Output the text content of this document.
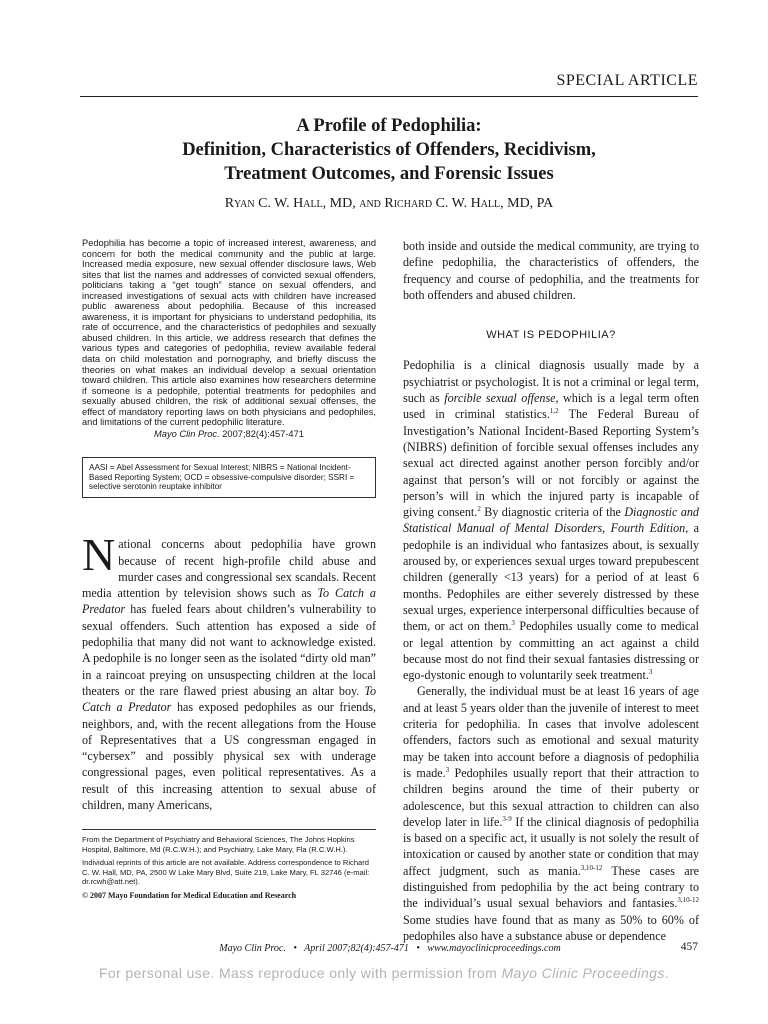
SPECIAL ARTICLE
A Profile of Pedophilia:
Definition, Characteristics of Offenders, Recidivism,
Treatment Outcomes, and Forensic Issues
Ryan C. W. Hall, MD, and Richard C. W. Hall, MD, PA
Pedophilia has become a topic of increased interest, awareness, and concern for both the medical community and the public at large. Increased media exposure, new sexual offender disclosure laws, Web sites that list the names and addresses of convicted sexual offenders, politicians taking a “get tough” stance on sexual offenders, and increased investigations of sexual acts with children have increased public awareness about pedophilia. Because of this increased awareness, it is important for physicians to understand pedophilia, its rate of occurrence, and the characteristics of pedophiles and sexually abused children. In this article, we address research that defines the various types and categories of pedophilia, review available federal data on child molestation and pornography, and briefly discuss the theories on what makes an individual develop a sexual orientation toward children. This article also examines how researchers determine if someone is a pedophile, potential treatments for pedophiles and sexually abused children, the risk of additional sexual offenses, the effect of mandatory reporting laws on both physicians and pedophiles, and limitations of the current pedophilic literature.
Mayo Clin Proc. 2007;82(4):457-471
AASI = Abel Assessment for Sexual Interest; NIBRS = National Incident-Based Reporting System; OCD = obsessive-compulsive disorder; SSRI = selective serotonin reuptake inhibitor
National concerns about pedophilia have grown because of recent high-profile child abuse and murder cases and congressional sex scandals. Recent media attention by television shows such as To Catch a Predator has fueled fears about children’s vulnerability to sexual offenders. Such attention has exposed a side of pedophilia that many did not want to acknowledge existed. A pedophile is no longer seen as the isolated “dirty old man” in a raincoat preying on unsuspecting children at the local theaters or the rare flawed priest abusing an altar boy. To Catch a Predator has exposed pedophiles as our friends, neighbors, and, with the recent allegations from the House of Representatives that a US congressman engaged in “cybersex” and possibly physical sex with underage congressional pages, even political representatives. As a result of this increasing attention to sexual abuse of children, many Americans,

From the Department of Psychiatry and Behavioral Sciences, The Johns Hopkins Hospital, Baltimore, Md (R.C.W.H.); and Psychiatry, Lake Mary, Fla (R.C.W.H.).

Individual reprints of this article are not available. Address correspondence to Richard C. W. Hall, MD, PA, 2500 W Lake Mary Blvd, Suite 219, Lake Mary, FL 32746 (e-mail: dr.rcwh@att.net).

© 2007 Mayo Foundation for Medical Education and Research

both inside and outside the medical community, are trying to define pedophilia, the characteristics of offenders, the frequency and course of pedophilia, and the treatments for both offenders and abused children.

WHAT IS PEDOPHILIA?

Pedophilia is a clinical diagnosis usually made by a psychiatrist or psychologist. It is not a criminal or legal term, such as forcible sexual offense, which is a legal term often used in criminal statistics.$^{1,2}$ The Federal Bureau of Investigation’s National Incident-Based Reporting System’s (NIBRS) definition of forcible sexual offenses includes any sexual act directed against another person forcibly and/or against that person’s will or not forcibly or against the person’s will in which the injured party is incapable of giving consent.$^2$ By diagnostic criteria of the Diagnostic and Statistical Manual of Mental Disorders, Fourth Edition, a pedophile is an individual who fantasizes about, is sexually aroused by, or experiences sexual urges toward prepubescent children (generally <13 years) for a period of at least 6 months. Pedophiles are either severely distressed by these sexual urges, experience interpersonal difficulties because of them, or act on them.$^3$ Pedophiles usually come to medical or legal attention by committing an act against a child because most do not find their sexual fantasies distressing or ego-dystonic enough to voluntarily seek treatment.$^3$

Generally, the individual must be at least 16 years of age and at least 5 years older than the juvenile of interest to meet criteria for pedophilia. In cases that involve adolescent offenders, factors such as emotional and sexual maturity may be taken into account before a diagnosis of pedophilia is made.$^3$ Pedophiles usually report that their attraction to children begins around the time of their puberty or adolescence, but this sexual attraction to children can also develop later in life.$^{3-9}$ If the clinical diagnosis of pedophilia is based on a specific act, it usually is not solely the result of intoxication or caused by another state or condition that may affect judgment, such as mania.$^{3,10-12}$ These cases are distinguished from pedophilia by the act being contrary to the individual’s usual sexual behaviors and fantasies.$^{3,10-12}$ Some studies have found that as many as 50% to 60% of pedophiles also have a substance abuse or dependence

Mayo Clin Proc. • April 2007;82(4):457-471 • www.mayoclinicproceedings.com	457
For personal use. Mass reproduce only with permission from Mayo Clinic Proceedings.
